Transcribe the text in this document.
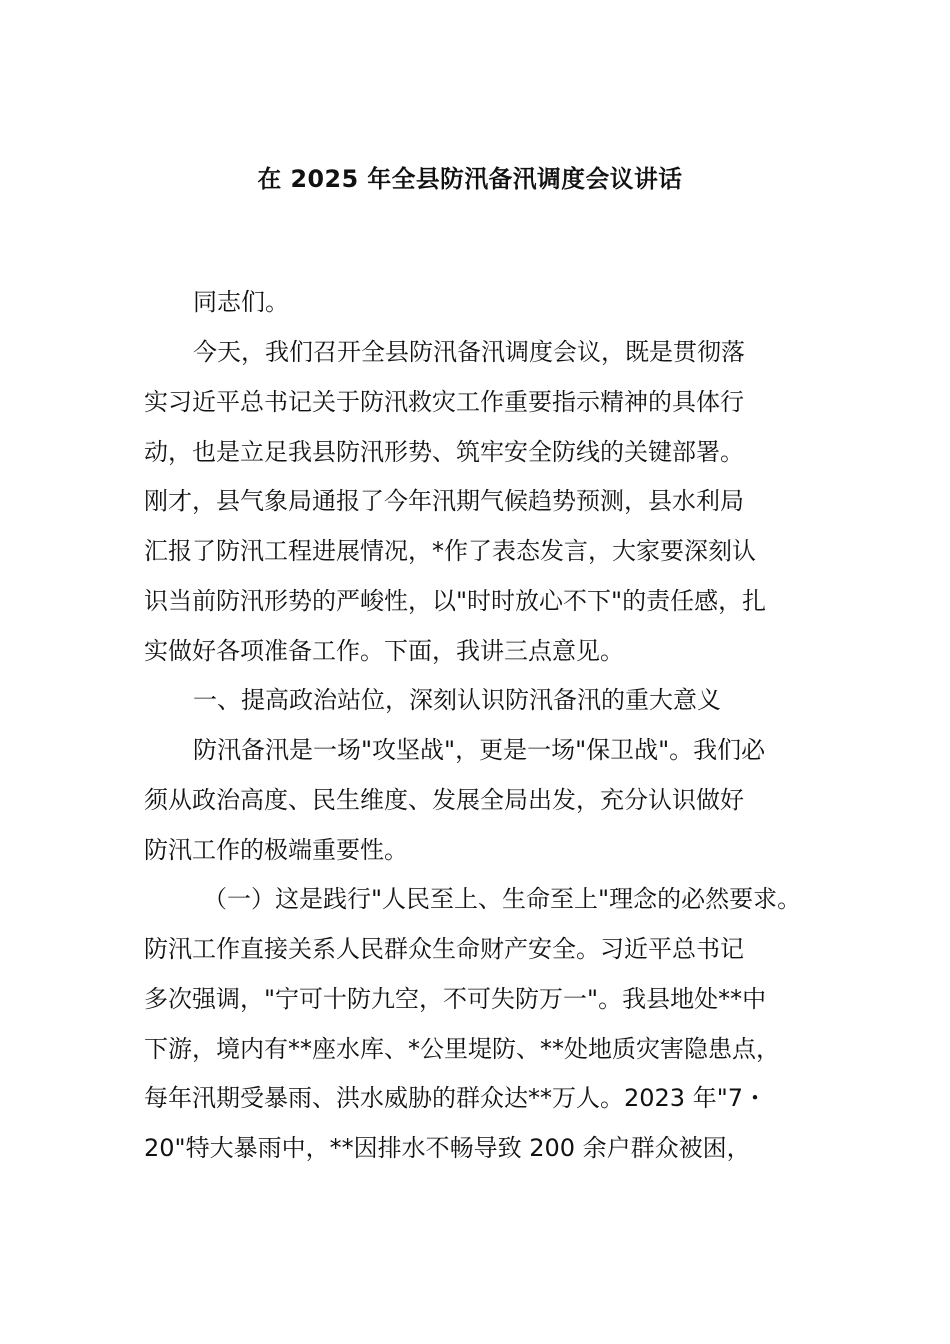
在 2025 年全县防汛备汛调度会议讲话
同志们。
今天，我们召开全县防汛备汛调度会议，既是贯彻落
实习近平总书记关于防汛救灾工作重要指示精神的具体行
动，也是立足我县防汛形势、筑牢安全防线的关键部署。
刚才，县气象局通报了今年汛期气候趋势预测，县水利局
汇报了防汛工程进展情况，*作了表态发言，大家要深刻认
识当前防汛形势的严峻性，以"时时放心不下"的责任感，扎
实做好各项准备工作。下面，我讲三点意见。
一、提高政治站位，深刻认识防汛备汛的重大意义
防汛备汛是一场"攻坚战"，更是一场"保卫战"。我们必
须从政治高度、民生维度、发展全局出发，充分认识做好
防汛工作的极端重要性。
（一）这是践行"人民至上、生命至上"理念的必然要求。
防汛工作直接关系人民群众生命财产安全。习近平总书记
多次强调，"宁可十防九空，不可失防万一"。我县地处**中
下游，境内有**座水库、*公里堤防、**处地质灾害隐患点，
每年汛期受暴雨、洪水威胁的群众达**万人。2023 年"7・
20"特大暴雨中，**因排水不畅导致 200 余户群众被困，
